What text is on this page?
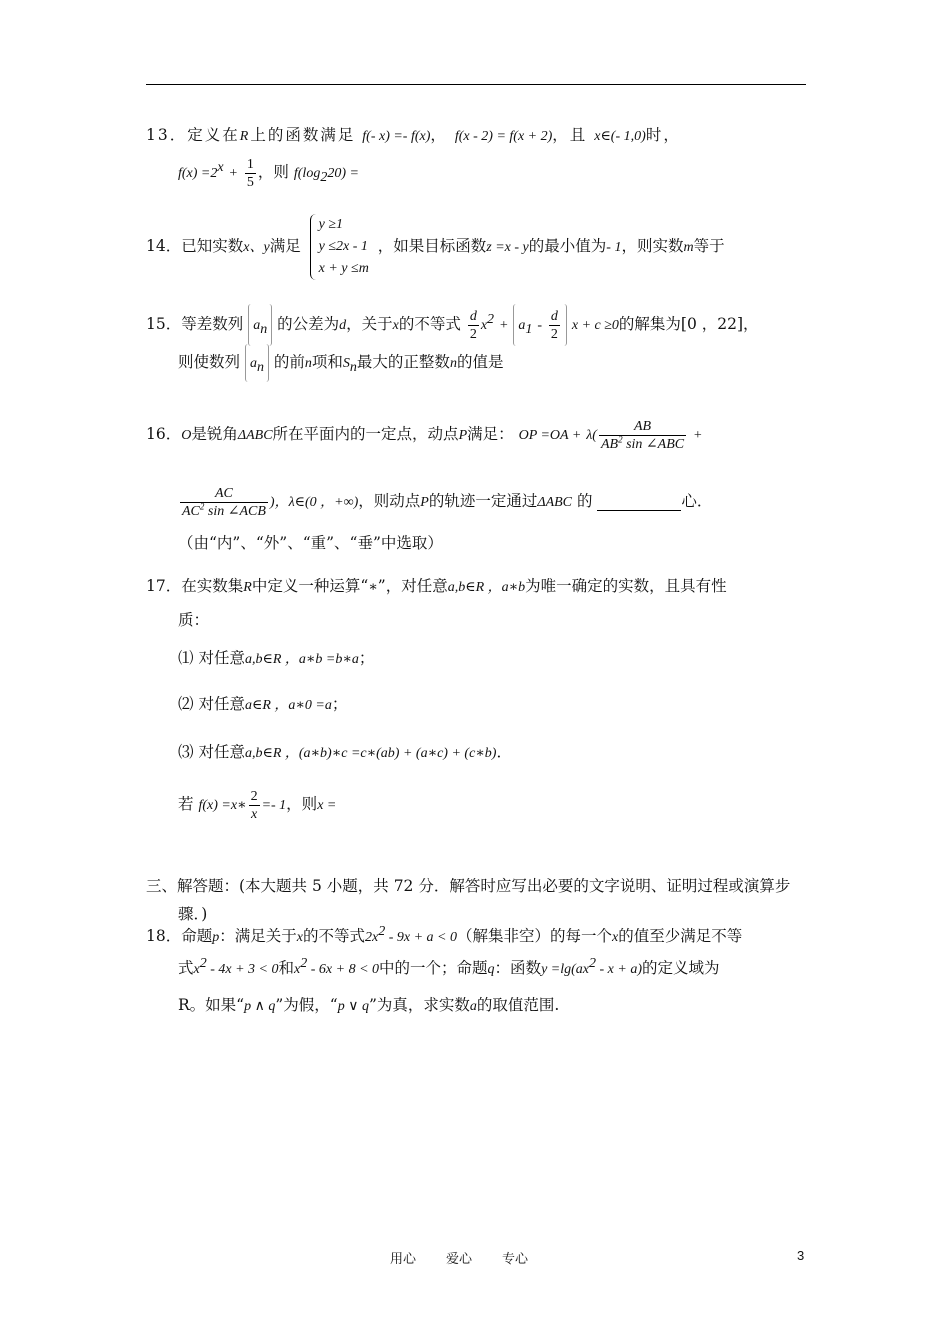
13．定义在R上的函数满足 f(- x) =- f(x)， f(x - 2) = f(x + 2)，且 x∈(- 1,0)时，
$f(x) =2^x + \frac{1}{5}$ ，则 $f(\log_220)$ =
14．已知实数x、y满足
y ≥1
y ≤2x - 1
x + y ≤m
，如果目标函数z =x - y的最小值为- 1，则实数m等于
15．等差数列 $a_n$ 的公差为d，关于x的不等式 $\frac{d}{2} x^2 + a_1 - \frac{d}{2}$ x + c ≥0的解集为[0 ，22]，
则使数列 $a_n$ 的前n项和$S_n$最大的正整数n的值是
16．O是锐角ΔABC所在平面内的一定点，动点P满足： OP $=OA + \lambda( \frac{AB}{AB^2 \sin \angle ABC}$ +
$\frac{AC}{AC^2 \sin \angle ACB}$ )，λ∈(0 ，+∞)，则动点P的轨迹一定通过ΔABC 的	心．
（由“内”、“外”、“重”、“垂”中选取）
17．在实数集R中定义一种运算“∗”，对任意a,b∈R ，a∗b为唯一确定的实数，且具有性
质：
⑴ 对任意a,b∈R ，a∗b =b∗a；
⑵ 对任意a∈R ，a∗0 =a；
⑶ 对任意a,b∈R ，(a∗b)∗c =c∗(ab) + (a∗c) + (c∗b)．
若 f(x) =x∗ $\frac{2}{x} =- 1$，则x =
三、解答题：(本大题共 5 小题，共 72 分．解答时应写出必要的文字说明、证明过程或演算步
骤．)
18．命题p：满足关于x的不等式$2x^2 - 9x + a < 0$（解集非空）的每一个x的值至少满足不等
式$x^2 - 4x + 3 < 0$和$x^2 - 6x + 8 < 0$中的一个；命题q：函数$y =\lg(ax^2 - x + a)$的定义域为
R。如果“p ∧ q”为假，“p ∨ q”为真，求实数a的取值范围.
用心 爱心 专心	3
